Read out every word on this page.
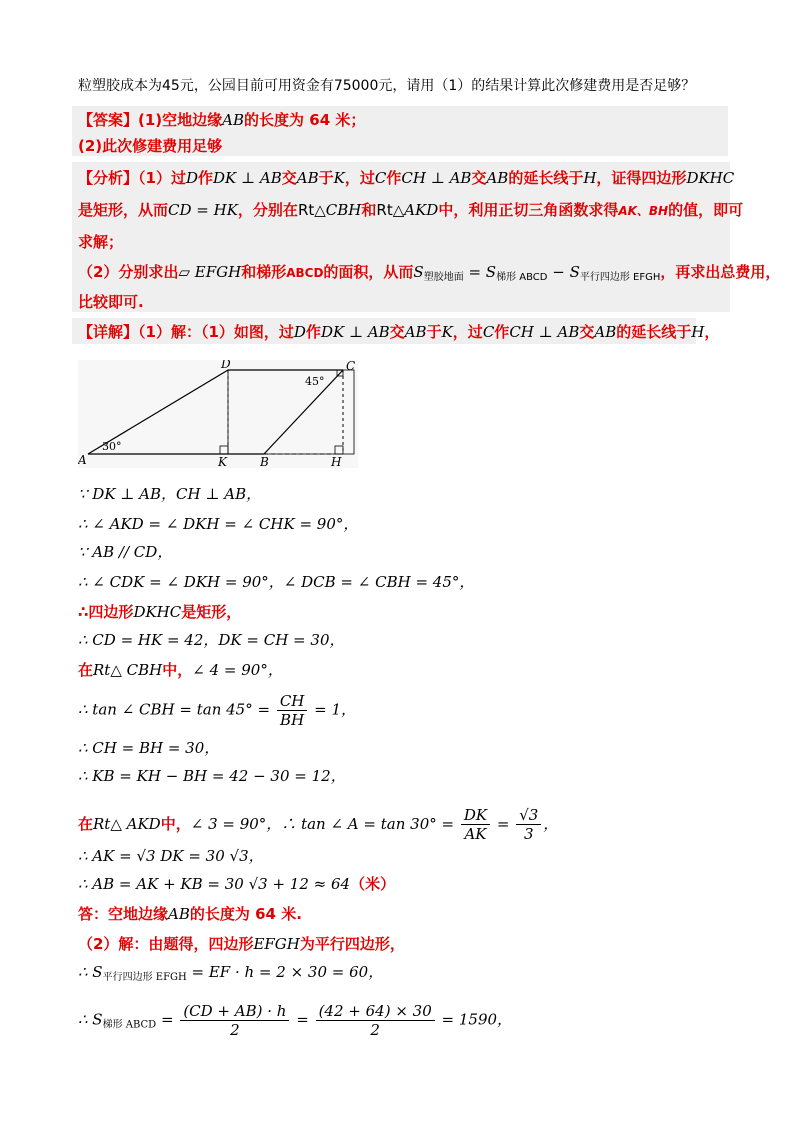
粒塑胶成本为45元，公园目前可用资金有75000元，请用（1）的结果计算此次修建费用是否足够？
【答案】(1)空地边缘AB的长度为 64 米；
(2)此次修建费用足够
【分析】（1）过D作DK ⊥ AB交AB于K，过C作CH ⊥ AB交AB的延长线于H，证得四边形DKHC
是矩形，从而CD = HK，分别在Rt△CBH和Rt△AKD中，利用正切三角函数求得AK、BH的值，即可
求解；
（2）分别求出▱ EFGH和梯形ABCD的面积，从而$S_{塑胶地面} = S_{梯形 ABCD} - S_{平行四边形 EFGH}$，再求出总费用，
比较即可.
【详解】（1）解：（1）如图，过D作DK ⊥ AB交AB于K，过C作CH ⊥ AB交AB的延长线于H，
30°
45°
A	B
C
D
K	H
∵ DK ⊥ AB，CH ⊥ AB，
∴ ∠ AKD = ∠ DKH = ∠ CHK = 90°，
∵ AB // CD，
∴ ∠ CDK = ∠ DKH = 90°，∠ DCB = ∠ CBH = 45°，
∴四边形DKHC是矩形，
∴ CD = HK = 42，DK = CH = 30，
在Rt△ CBH中，∠ 4 = 90°，
∴ tan ∠ CBH = $\tan 45^\circ = \frac{CH}{BH} = 1$，
∴ CH = BH = 30，
∴ KB = KH − BH = 42 − 30 = 12，
在Rt△ AKD中，∠ 3 = 90°，∴ tan ∠ $A = \tan 30^\circ = \frac{DK}{AK} = \frac{√3}{3}$ ，
∴ AK = √3 DK = 30 √3，
∴ AB = AK + KB = 30 √3 + 12 ≈ 64（米）
答：空地边缘AB的长度为 64 米.
（2）解：由题得，四边形EFGH为平行四边形，
∴ $S_{平行四边形 EFGH}$ = EF · h = 2 × 30 = 60，
∴ $S_{梯形 ABCD} = \frac{(CD + AB) \cdot h}{2} = \frac{(42 + 64) \times 30}{2} = 1590$，
